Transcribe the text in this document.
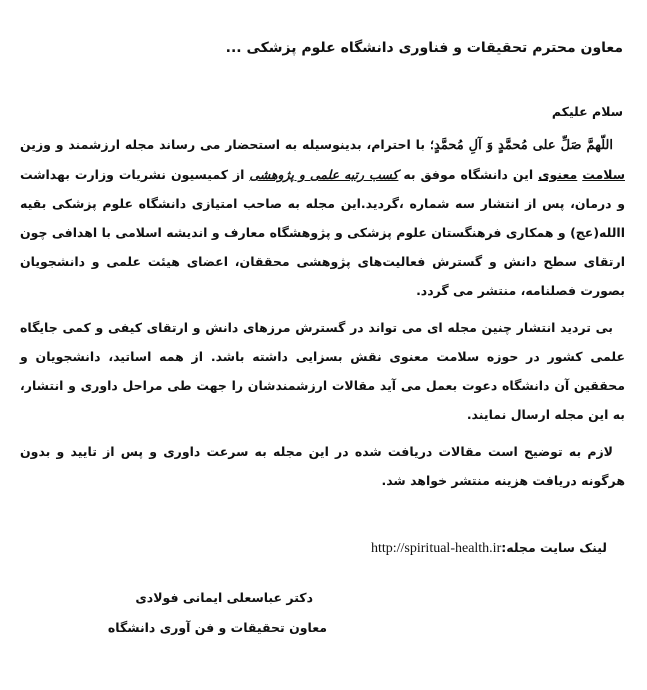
معاون محترم تحقیقات و فناوری دانشگاه علوم پزشکی ...
سلام علیکم

اللّهمَّ صَلِّ علی مُحمَّدٍ وَ آلِ مُحمَّدٍ؛ با احترام، بدینوسیله به استحضار می رساند مجله ارزشمند و وزین سلامت معنوی این دانشگاه موفق به کسب رتبه علمی و پژوهشی از کمیسیون نشریات وزارت بهداشت و درمان، پس از انتشار سه شماره ،گردید.این مجله به صاحب امتیازی دانشگاه علوم پزشکی بقیه االله(عج) و همکاری فرهنگستان علوم پزشکی و پژوهشگاه معارف و اندیشه اسلامی با اهدافی چون ارتقای سطح دانش و گسترش فعالیت‌های پژوهشی محققان، اعضای هیئت علمی و دانشجویان بصورت فصلنامه، منتشر می گردد.

بی تردید انتشار چنین مجله ای می تواند در گسترش مرزهای دانش و ارتقای کیفی و کمی جایگاه علمی کشور در حوزه سلامت معنوی نقش بسزایی داشته باشد. از همه اساتید، دانشجویان و محققین آن دانشگاه دعوت بعمل می آید مقالات ارزشمندشان را جهت طی مراحل داوری و انتشار، به این مجله ارسال نمایند.

لازم به توضیح است مقالات دریافت شده در این مجله به سرعت داوری و پس از تایید و بدون هرگونه دریافت هزینه منتشر خواهد شد.

لینک سایت مجله:http://spiritual-health.ir
دکتر عباسعلی ایمانی فولادی
معاون تحقیقات‌ و فن آوری دانشگاه
